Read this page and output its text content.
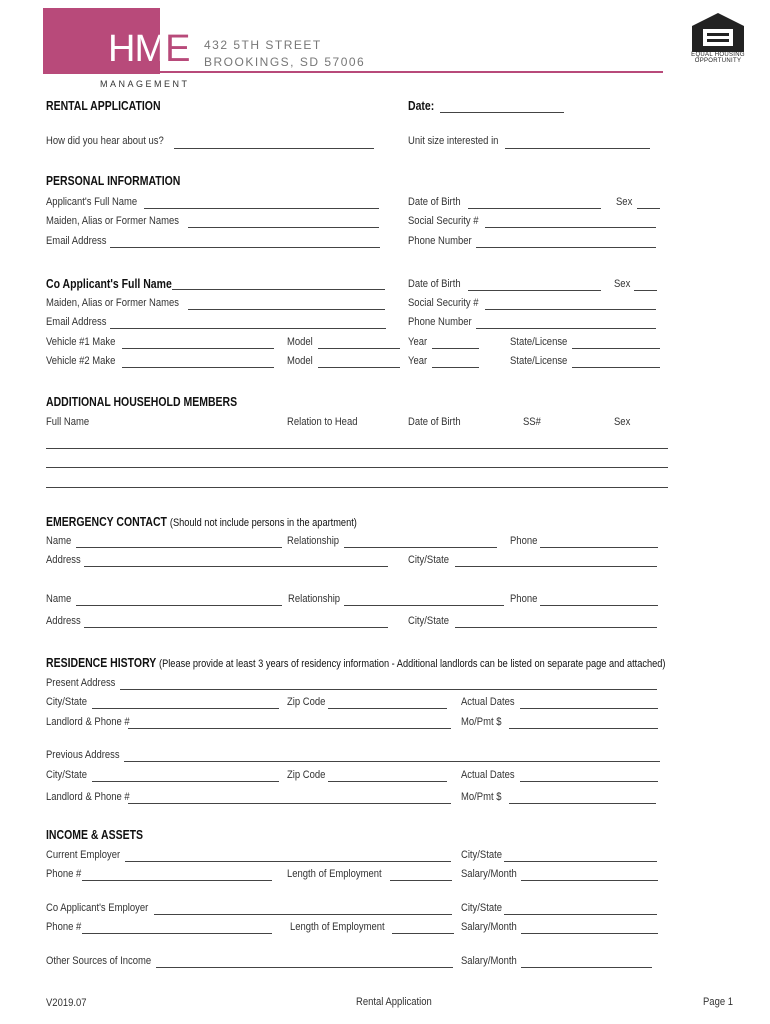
HME
MANAGEMENT
432 5TH STREET
BROOKINGS, SD 57006	EQUAL HOUSING
OPPORTUNITY
RENTAL APPLICATION	Date:
How did you hear about us?	Unit size interested in
PERSONAL INFORMATION
Applicant's Full Name	Date of Birth	Sex
Maiden, Alias or Former Names	Social Security #
Email Address	Phone Number
Co Applicant's Full Name	Date of Birth	Sex
Maiden, Alias or Former Names	Social Security #
Email Address	Phone Number
Vehicle #1 Make	Model	Year	State/License
Vehicle #2 Make	Model	Year	State/License
ADDITIONAL HOUSEHOLD MEMBERS
Full Name	Relation to Head	Date of Birth	SS#	Sex
EMERGENCY CONTACT (Should not include persons in the apartment)
Name	Relationship	Phone
Address	City/State
Name	Relationship	Phone
Address	City/State
RESIDENCE HISTORY (Please provide at least 3 years of residency information - Additional landlords can be listed on separate page and attached)
Present Address
City/State	Zip Code	Actual Dates
Landlord & Phone #	Mo/Pmt $
Previous Address
City/State	Zip Code	Actual Dates
Landlord & Phone #	Mo/Pmt $
INCOME & ASSETS
Current Employer	City/State
Phone #	Length of Employment	Salary/Month
Co Applicant's Employer	City/State
Phone #	Length of Employment	Salary/Month
Other Sources of Income	Salary/Month
V2019.07	Rental Application	Page 1
